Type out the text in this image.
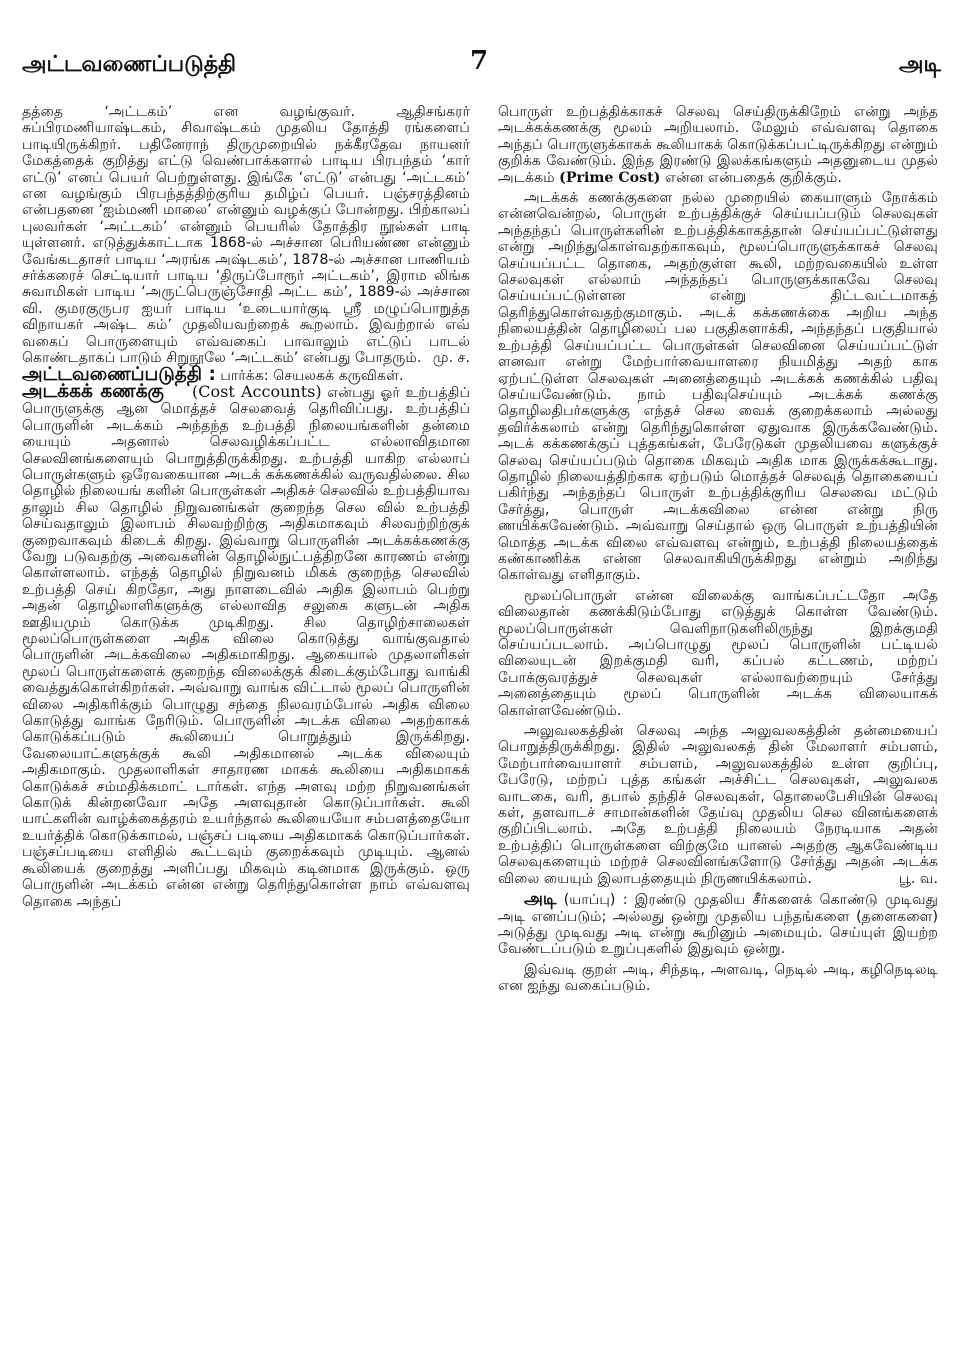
அட்டவணைப்படுத்தி	7	அடி

தத்தை ‘அட்டகம்’ என வழங்குவர். ஆதிசங்கரர் சுப்பிரமணியாஷ்டகம், சிவாஷ்டகம் முதலிய தோத்தி ரங்களைப் பாடியிருக்கிறர். பதினேராந் திருமுறையில் நக்கீரதேவ நாயனர் மேகத்தைக் குறித்து எட்டு வெண்பாக்களால் பாடிய பிரபந்தம் ‘கார் எட்டு’ எனப் பெயர் பெற்றுள்ளது. இங்கே ‘எட்டு’ என்பது ‘அட்டகம்’ என வழங்கும் பிரபந்தத்திற்குரிய தமிழ்ப் பெயர். பஞ்சரத்தினம் என்பதனை ‘ஐம்மணி மாலை’ என்னும் வழக்குப் போன்றது. பிற்காலப் புலவர்கள் ‘அட்டகம்’ என்னும் பெயரில் தோத்திர நூல்கள் பாடி யுள்ளனர். எடுத்துக்காட்டாக 1868-ல் அச்சான பெரியண்ண என்னும் வேங்கடதாசர் பாடிய ‘அரங்க அஷ்டகம்’, 1878-ல் அச்சான பாணியம் சர்க்கரைச் செட்டியார் பாடிய ‘திருப்போரூர் அட்டகம்’, இராம லிங்க சுவாமிகள் பாடிய ‘அருட்பெருஞ்சோதி அட்ட கம்’, 1889-ல் அச்சான வி. குமரகுருபர ஐயர் பாடிய ‘உடையார்குடி ஸ்ரீ மழுப்பொறுத்த விநாயகர் அஷ்ட கம்’ முதலியவற்றைக் கூறலாம். இவற்றால் எவ் வகைப் பொருளையும் எவ்வகைப் பாவாலும் எட்டுப் பாடல் கொண்டதாகப் பாடும் சிறுநூலே ‘அட்டகம்’ என்பது போதரும். மு. ச.

அட்டவணைப்படுத்தி : பார்க்க: செயலகக் கருவிகள்.

அடக்கக் கணக்கு (Cost Accounts) என்பது ஓர் உற்பத்திப் பொருளுக்கு ஆன மொத்தச் செலவைத் தெரிவிப்பது. உற்பத்திப் பொருளின் அடக்கம் அந்தந்த உற்பத்தி நிலையங்களின் தன்மை யையும் அதனால் செலவழிக்கப்பட்ட எல்லாவிதமான செலவினங்களையும் பொறுத்திருக்கிறது. உற்பத்தி யாகிற எல்லாப் பொருள்களும் ஒரேவகையான அடக் கக்கணக்கில் வருவதில்லை. சில தொழில் நிலையங் களின் பொருள்கள் அதிகச் செலவில் உற்பத்தியாவ தாலும் சில தொழில் நிறுவனங்கள் குறைந்த செல வில் உற்பத்தி செய்வதாலும் இலாபம் சிலவற்றிற்கு அதிகமாகவும் சிலவற்றிற்குக் குறைவாகவும் கிடைக் கிறது. இவ்வாறு பொருளின் அடக்கக்கணக்கு வேறு படுவதற்கு அவைகளின் தொழில்நுட்பத்திறனே காரணம் என்று கொள்ளலாம். எந்தத் தொழில் நிறுவனம் மிகக் குறைந்த செலவில் உற்பத்தி செய் கிறதோ, அது நாளடைவில் அதிக இலாபம் பெற்று அதன் தொழிலாளிகளுக்கு எல்லாவித சலுகை களுடன் அதிக ஊதியமும் கொடுக்க முடிகிறது. சில தொழிற்சாலைகள் மூலப்பொருள்களை அதிக விலை கொடுத்து வாங்குவதால் பொருளின் அடக்கவிலை அதிகமாகிறது. ஆகையால் முதலாளிகள் மூலப் பொருள்களைக் குறைந்த விலைக்குக் கிடைக்கும்போது வாங்கி வைத்துக்கொள்கிறர்கள். அவ்வாறு வாங்க விட்டால் மூலப் பொருளின் விலை அதிகரிக்கும் பொழுது சந்தை நிலவரம்போல் அதிக விலை கொடுத்து வாங்க நேரிடும். பொருளின் அடக்க விலை அதற்காகக் கொடுக்கப்படும் கூலியைப் பொறுத்தும் இருக்கிறது. வேலையாட்களுக்குக் கூலி அதிகமானல் அடக்க விலையும் அதிகமாகும். முதலாளிகள் சாதாரண மாகக் கூலியை அதிகமாகக் கொடுக்கச் சம்மதிக்கமாட் டார்கள். எந்த அளவு மற்ற நிறுவனங்கள் கொடுக் கின்றனவோ அதே அளவுதான் கொடுப்பார்கள். கூலி யாட்களின் வாழ்க்கைத்தரம் உயர்ந்தால் கூலியையோ சம்பளத்தையோ உயர்த்திக் கொடுக்காமல், பஞ்சப் படியை அதிகமாகக் கொடுப்பார்கள். பஞ்சப்படியை எளிதில் கூட்டவும் குறைக்கவும் முடியும். ஆனல் கூலியைக் குறைத்து அளிப்பது மிகவும் கடினமாக இருக்கும். ஒரு பொருளின் அடக்கம் என்ன என்று தெரிந்துகொள்ள நாம் எவ்வளவு தொகை அந்தப்

பொருள் உற்பத்திக்காகச் செலவு செய்திருக்கிறேம் என்று அந்த அடக்கக்கணக்கு மூலம் அறியலாம். மேலும் எவ்வளவு தொகை அந்தப் பொருளுக்காகக் கூலியாகக் கொடுக்கப்பட்டிருக்கிறது என்றும் குறிக்க வேண்டும். இந்த இரண்டு இலக்கங்களும் அதனுடைய முதல் அடக்கம் (Prime Cost) என்ன என்பதைக் குறிக்கும்.

அடக்கக் கணக்குகளை நல்ல முறையில் கையாளும் நோக்கம் என்னவென்றல், பொருள் உற்பத்திக்குச் செய்யப்படும் செலவுகள் அந்தந்தப் பொருள்களின் உற்பத்திக்காகத்தான் செய்யப்பட்டுள்ளது என்று அறிந்துகொள்வதற்காகவும், மூலப்பொருளுக்காகச் செலவு செய்யப்பட்ட தொகை, அதற்குள்ள கூலி, மற்றவகையில் உள்ள செலவுகள் எல்லாம் அந்தந்தப் பொருளுக்காகவே செலவு செய்யப்பட்டுள்ளன என்று திட்டவட்டமாகத் தெரிந்துகொள்வதற்குமாகும். அடக் கக்கணக்கை அறிய அந்த நிலையத்தின் தொழிலைப் பல பகுதிகளாக்கி, அந்தந்தப் பகுதியால் உற்பத்தி செய்யப்பட்ட பொருள்கள் செலவினை செய்யப்பட்டுள் ளனவா என்று மேற்பார்வையாளரை நியமித்து அதற் காக ஏற்பட்டுள்ள செலவுகள் அனைத்தையும் அடக்கக் கணக்கில் பதிவு செய்யவேண்டும். நாம் பதிவுசெய்யும் அடக்கக் கணக்கு தொழிலதிபர்களுக்கு எந்தச் செல வைக் குறைக்கலாம் அல்லது தவிர்க்கலாம் என்று தெரிந்துகொள்ள ஏதுவாக இருக்கவேண்டும். அடக் கக்கணக்குப் புத்தகங்கள், பேரேடுகள் முதலியவை களுக்குச் செலவு செய்யப்படும் தொகை மிகவும் அதிக மாக இருக்கக்கூடாது. தொழில் நிலையத்திற்காக ஏற்படும் மொத்தச் செலவுத் தொகையைப் பகிர்ந்து அந்தந்தப் பொருள் உற்பத்திக்குரிய செலவை மட்டும் சேர்த்து, பொருள் அடக்கவிலை என்ன என்று நிரு ணயிக்கவேண்டும். அவ்வாறு செய்தால் ஒரு பொருள் உற்பத்தியின் மொத்த அடக்க விலை எவ்வளவு என்றும், உற்பத்தி நிலையத்தைக் கண்காணிக்க என்ன செலவாகியிருக்கிறது என்றும் அறிந்து கொள்வது எளிதாகும்.

மூலப்பொருள் என்ன விலைக்கு வாங்கப்பட்டதோ அதே விலைதான் கணக்கிடும்போது எடுத்துக் கொள்ள வேண்டும். மூலப்பொருள்கள் வெளிநாடுகளிலிருந்து இறக்குமதி செய்யப்படலாம். அப்பொழுது மூலப் பொருளின் பட்டியல் விலையுடன் இறக்குமதி வரி, கப்பல் கட்டணம், மற்றப் போக்குவரத்துச் செலவுகள் எல்லாவற்றையும் சேர்த்து அனைத்தையும் மூலப் பொருளின் அடக்க விலையாகக் கொள்ளவேண்டும்.

அலுவலகத்தின் செலவு அந்த அலுவலகத்தின் தன்மையைப் பொறுத்திருக்கிறது. இதில் அலுவலகத் தின் மேலாளர் சம்பளம், மேற்பார்வையாளர் சம்பளம், அலுவலகத்தில் உள்ள குறிப்பு, பேரேடு, மற்றப் புத்த கங்கள் அச்சிட்ட செலவுகள், அலுவலக வாடகை, வரி, தபால் தந்திச் செலவுகள், தொலைபேசியின் செலவு கள், தளவாடச் சாமான்களின் தேய்வு முதலிய செல வினங்களைக் குறிப்பிடலாம். அதே உற்பத்தி நிலையம் நேரடியாக அதன் உற்பத்திப் பொருள்களை விற்குமே யானல் அதற்கு ஆகவேண்டிய செலவுகளையும் மற்றச் செலவினங்களோடு சேர்த்து அதன் அடக்க விலை யையும் இலாபத்தையும் நிருணயிக்கலாம்.	பூ. வ.

அடி (யாப்பு) : இரண்டு முதலிய சீர்களைக் கொண்டு முடிவது அடி எனப்படும்; அல்லது ஒன்று முதலிய பந்தங்களை (தளைகளை) அடுத்து முடிவது அடி என்று கூறினும் அமையும். செய்யுள் இயற்ற வேண்டப்படும் உறுப்புகளில் இதுவும் ஒன்று.

இவ்வடி குறள் அடி, சிந்தடி, அளவடி, நெடில் அடி, கழிநெடிலடி என ஐந்து வகைப்படும்.
